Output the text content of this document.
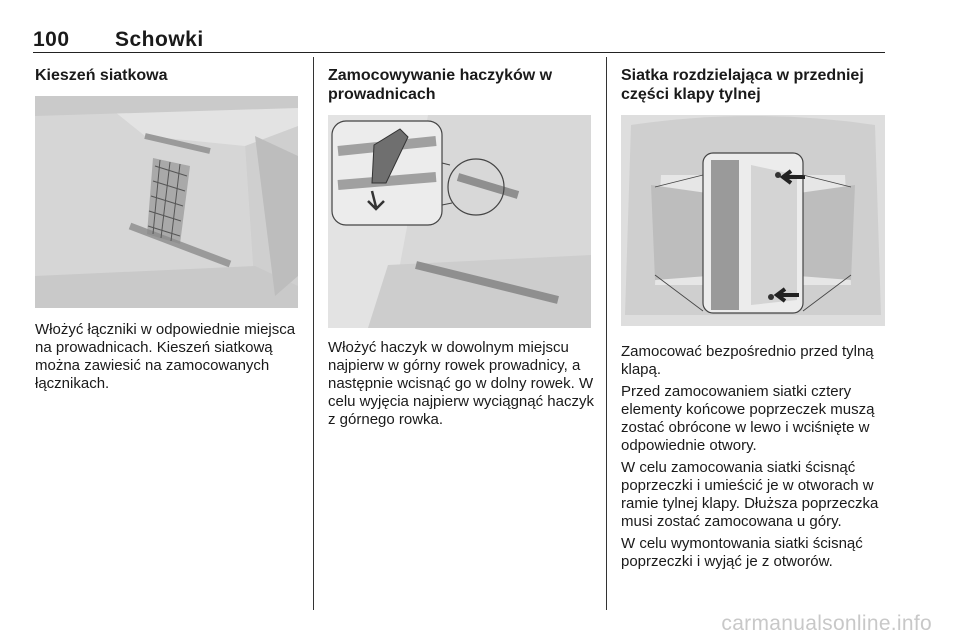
100 Schowki
Kieszeń siatkowa

Włożyć łączniki w odpowiednie miejsca na prowadnicach. Kieszeń siatkową można zawiesić na zamocowanych łącznikach.

Zamocowywanie haczyków w
prowadnicach

Włożyć haczyk w dowolnym miejscu najpierw w górny rowek prowadnicy, a następnie wcisnąć go w dolny rowek. W celu wyjęcia najpierw wyciągnąć haczyk z górnego rowka.

Siatka rozdzielająca w przedniej
części klapy tylnej

Zamocować bezpośrednio przed tylną klapą.

Przed zamocowaniem siatki cztery elementy końcowe poprzeczek muszą zostać obrócone w lewo i wciśnięte w odpowiednie otwory.

W celu zamocowania siatki ścisnąć poprzeczki i umieścić je w otworach w ramie tylnej klapy. Dłuższa poprzeczka musi zostać zamocowana u góry.

W celu wymontowania siatki ścisnąć poprzeczki i wyjąć je z otworów.

carmanualsonline.info
